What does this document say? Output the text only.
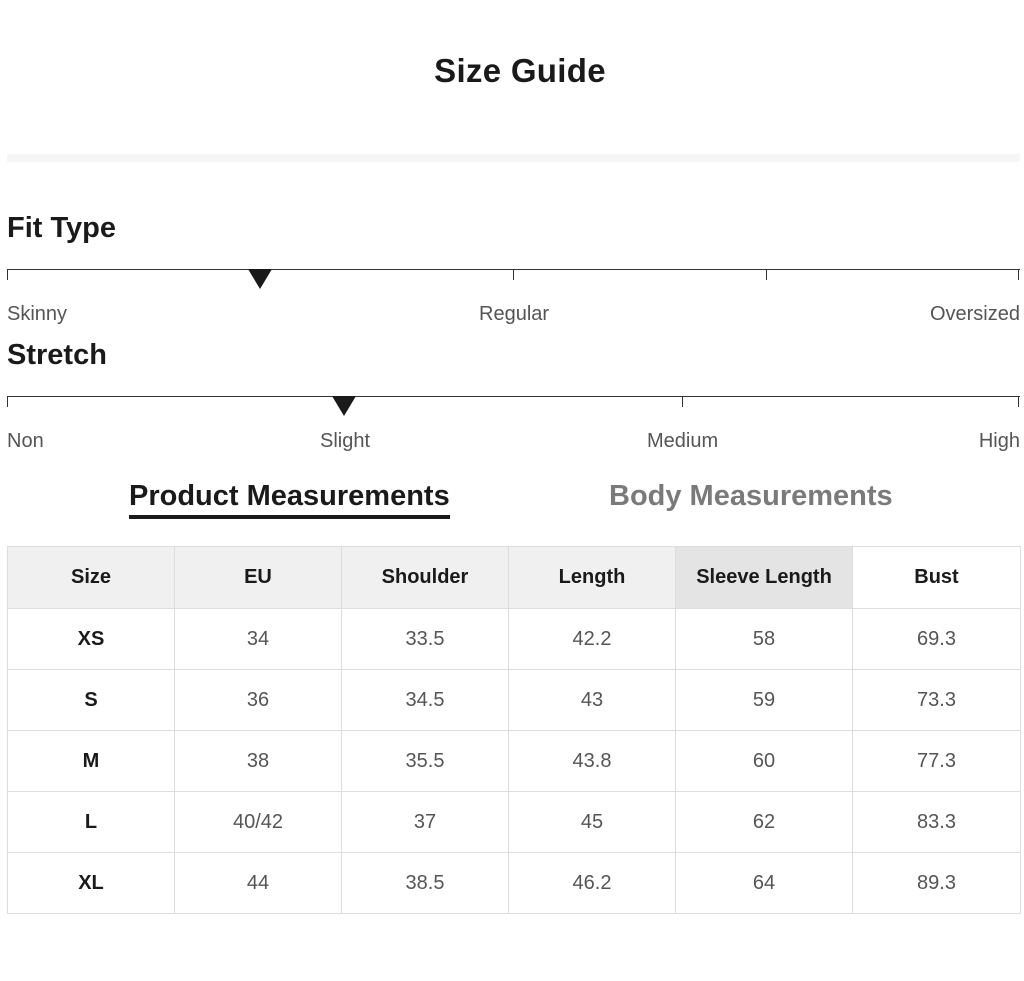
Size Guide
Fit Type
Skinny	Regular	Oversized
Stretch
Non	Slight	Medium	High
Product Measurements	Body Measurements
Size	EU	Shoulder	Length	Sleeve Length	Bust
XS	34	33.5	42.2	58	69.3
S	36	34.5	43	59	73.3
M	38	35.5	43.8	60	77.3
L	40/42	37	45	62	83.3
XL	44	38.5	46.2	64	89.3
